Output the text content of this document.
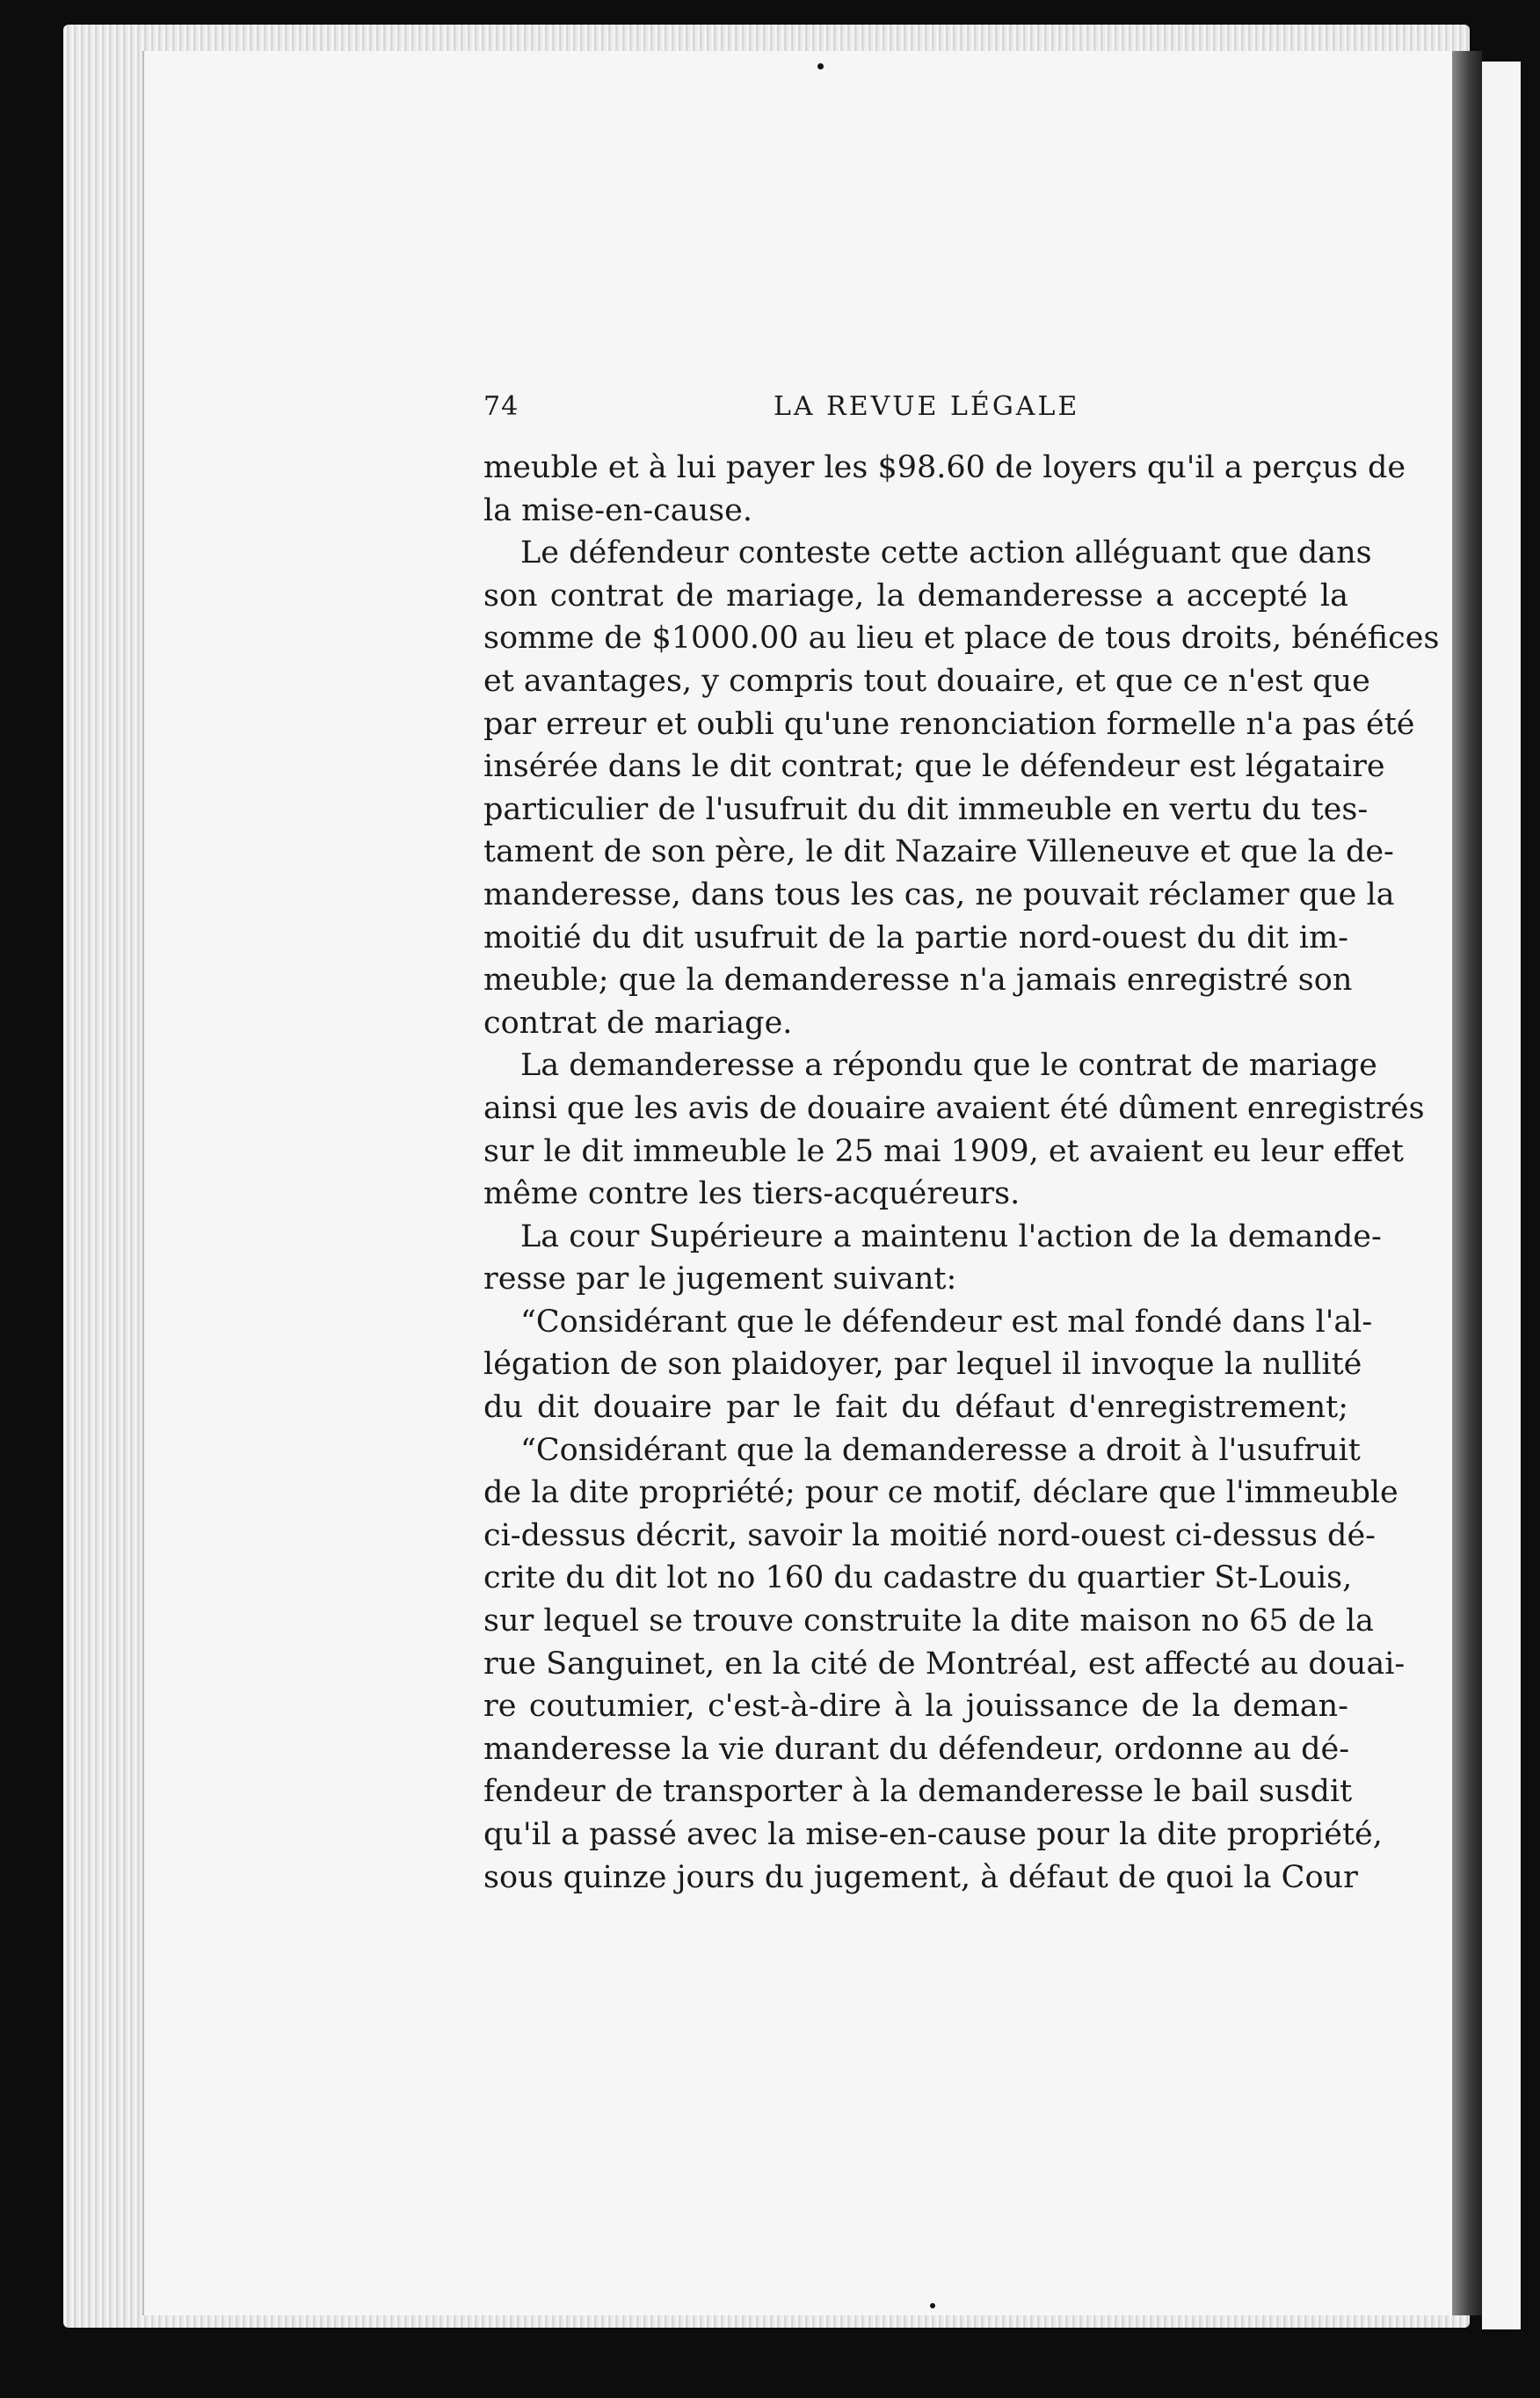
74	LA REVUE LÉGALE
meuble et à lui payer les $98.60 de loyers qu'il a perçus de
la mise-en-cause.
Le défendeur conteste cette action alléguant que dans
son contrat de mariage, la demanderesse a accepté la
somme de $1000.00 au lieu et place de tous droits, bénéfices
et avantages, y compris tout douaire, et que ce n'est que
par erreur et oubli qu'une renonciation formelle n'a pas été
insérée dans le dit contrat; que le défendeur est légataire
particulier de l'usufruit du dit immeuble en vertu du tes-
tament de son père, le dit Nazaire Villeneuve et que la de-
manderesse, dans tous les cas, ne pouvait réclamer que la
moitié du dit usufruit de la partie nord-ouest du dit im-
meuble; que la demanderesse n'a jamais enregistré son
contrat de mariage.
La demanderesse a répondu que le contrat de mariage
ainsi que les avis de douaire avaient été dûment enregistrés
sur le dit immeuble le 25 mai 1909, et avaient eu leur effet
même contre les tiers-acquéreurs.
La cour Supérieure a maintenu l'action de la demande-
resse par le jugement suivant:
“Considérant que le défendeur est mal fondé dans l'al-
légation de son plaidoyer, par lequel il invoque la nullité
du dit douaire par le fait du défaut d'enregistrement;
“Considérant que la demanderesse a droit à l'usufruit
de la dite propriété; pour ce motif, déclare que l'immeuble
ci-dessus décrit, savoir la moitié nord-ouest ci-dessus dé-
crite du dit lot no 160 du cadastre du quartier St-Louis,
sur lequel se trouve construite la dite maison no 65 de la
rue Sanguinet, en la cité de Montréal, est affecté au douai-
re coutumier, c'est-à-dire à la jouissance de la deman-
manderesse la vie durant du défendeur, ordonne au dé-
fendeur de transporter à la demanderesse le bail susdit
qu'il a passé avec la mise-en-cause pour la dite propriété,
sous quinze jours du jugement, à défaut de quoi la Cour
